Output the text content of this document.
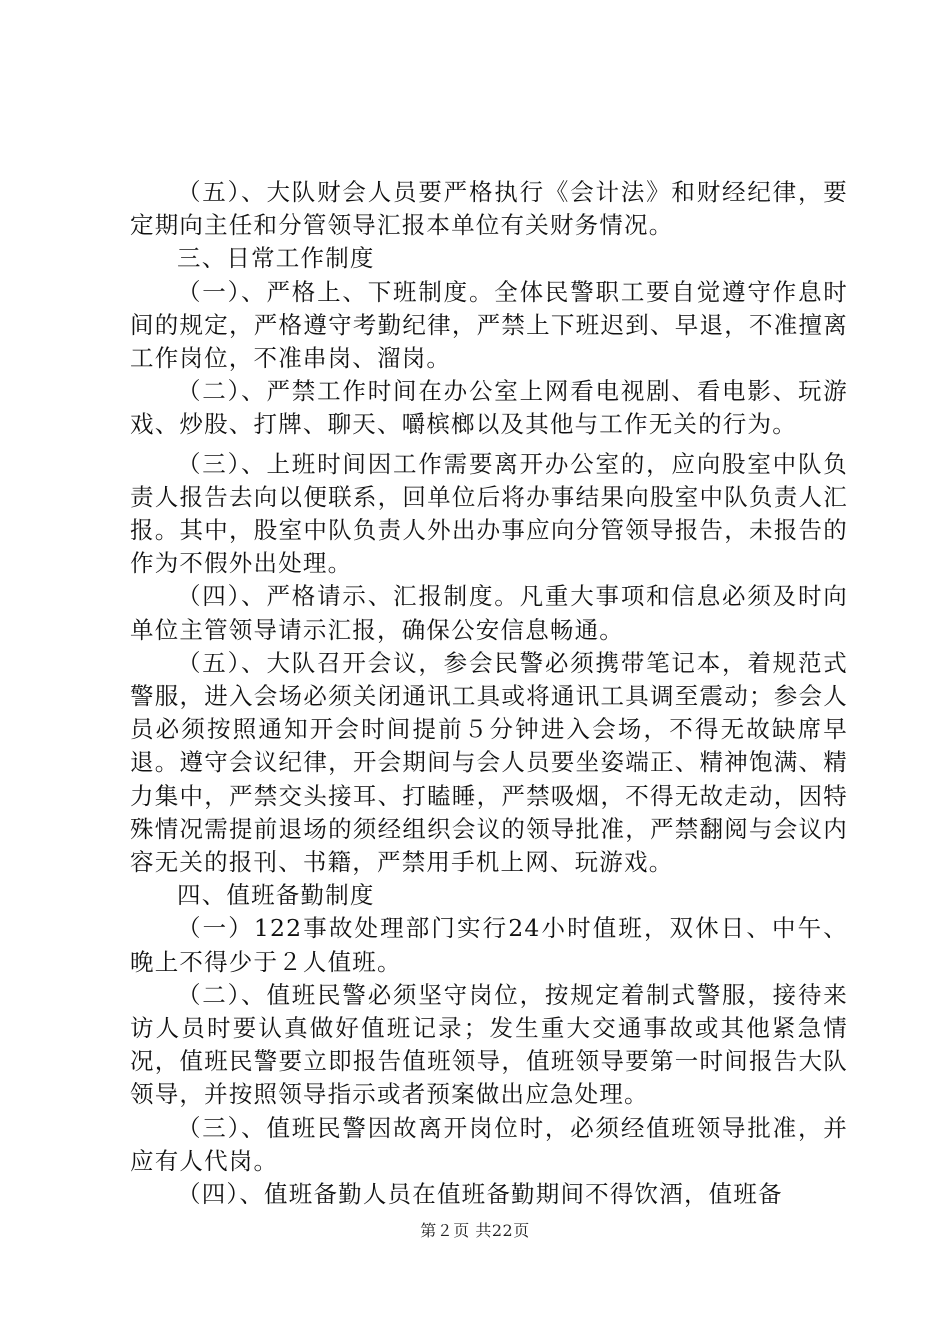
（五）、大队财会人员要严格执行《会计法》和财经纪律，要定期向主任和分管领导汇报本单位有关财务情况。

三、日常工作制度

（一）、严格上、下班制度。全体民警职工要自觉遵守作息时间的规定，严格遵守考勤纪律，严禁上下班迟到、早退，不准擅离工作岗位，不准串岗、溜岗。

（二）、严禁工作时间在办公室上网看电视剧、看电影、玩游戏、炒股、打牌、聊天、嚼槟榔以及其他与工作无关的行为。

（三）、上班时间因工作需要离开办公室的，应向股室中队负责人报告去向以便联系，回单位后将办事结果向股室中队负责人汇报。其中，股室中队负责人外出办事应向分管领导报告，未报告的作为不假外出处理。

（四）、严格请示、汇报制度。凡重大事项和信息必须及时向单位主管领导请示汇报，确保公安信息畅通。

（五）、大队召开会议，参会民警必须携带笔记本，着规范式警服，进入会场必须关闭通讯工具或将通讯工具调至震动；参会人员必须按照通知开会时间提前５分钟进入会场，不得无故缺席早退。遵守会议纪律，开会期间与会人员要坐姿端正、精神饱满、精力集中，严禁交头接耳、打瞌睡，严禁吸烟，不得无故走动，因特殊情况需提前退场的须经组织会议的领导批准，严禁翻阅与会议内容无关的报刊、书籍，严禁用手机上网、玩游戏。

四、值班备勤制度

（一）122事故处理部门实行24小时值班，双休日、中午、晚上不得少于２人值班。

（二）、值班民警必须坚守岗位，按规定着制式警服，接待来访人员时要认真做好值班记录；发生重大交通事故或其他紧急情况，值班民警要立即报告值班领导，值班领导要第一时间报告大队领导，并按照领导指示或者预案做出应急处理。

（三）、值班民警因故离开岗位时，必须经值班领导批准，并应有人代岗。

（四）、值班备勤人员在值班备勤期间不得饮酒，值班备

第２页 共22页
